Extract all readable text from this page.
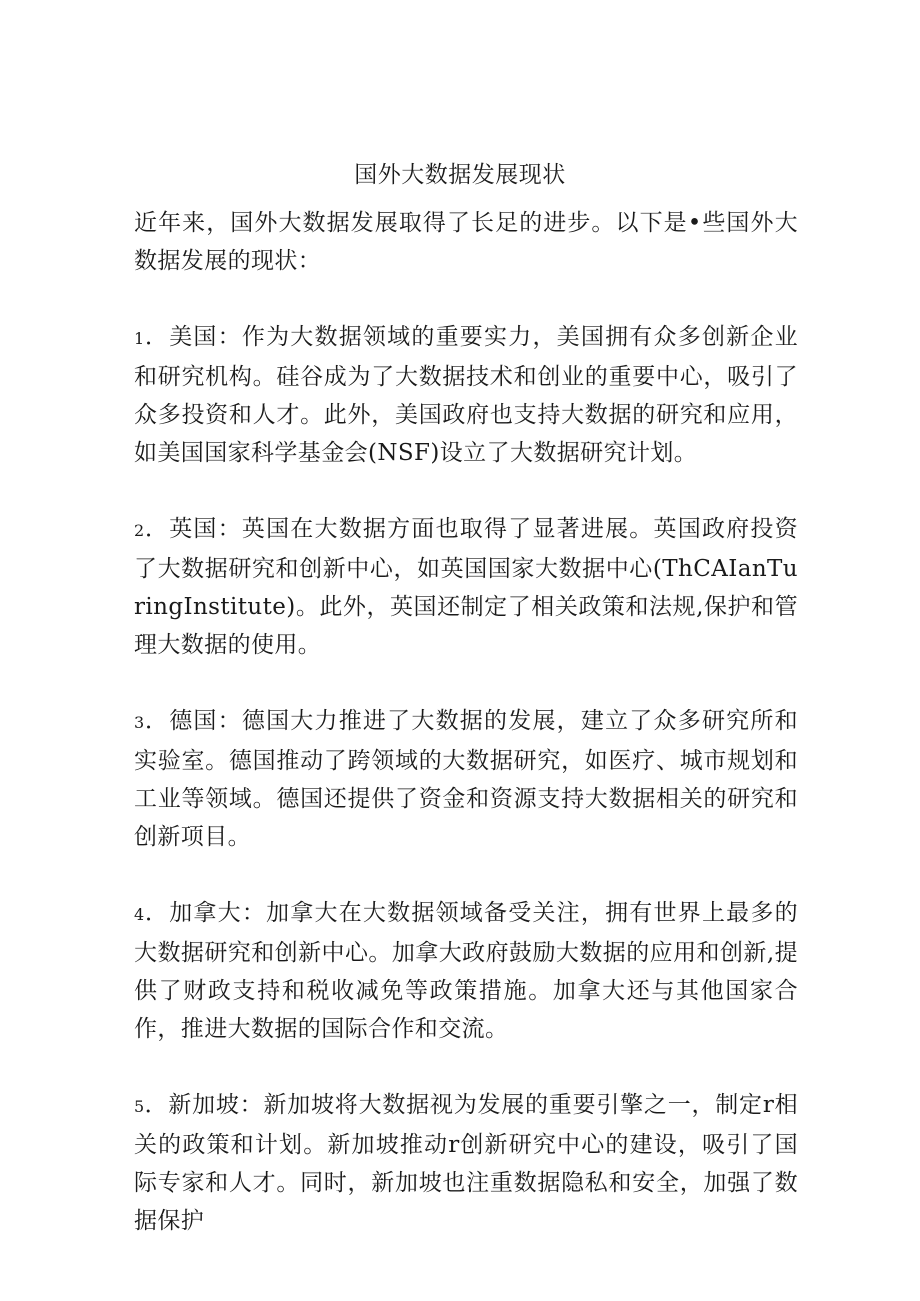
国外大数据发展现状

近年来，国外大数据发展取得了长足的进步。以下是•些国外大数据发展的现状：

1．美国：作为大数据领域的重要实力，美国拥有众多创新企业和研究机构。硅谷成为了大数据技术和创业的重要中心，吸引了众多投资和人才。此外，美国政府也支持大数据的研究和应用，如美国国家科学基金会(NSF)设立了大数据研究计划。

2．英国：英国在大数据方面也取得了显著进展。英国政府投资了大数据研究和创新中心，如英国国家大数据中心(ThCAIanTuringInstitute)。此外，英国还制定了相关政策和法规,保护和管理大数据的使用。

3．德国：德国大力推进了大数据的发展，建立了众多研究所和实验室。德国推动了跨领域的大数据研究，如医疗、城市规划和工业等领域。德国还提供了资金和资源支持大数据相关的研究和创新项目。

4．加拿大：加拿大在大数据领域备受关注，拥有世界上最多的大数据研究和创新中心。加拿大政府鼓励大数据的应用和创新,提供了财政支持和税收减免等政策措施。加拿大还与其他国家合作，推进大数据的国际合作和交流。

5．新加坡：新加坡将大数据视为发展的重要引擎之一，制定r相关的政策和计划。新加坡推动r创新研究中心的建设，吸引了国际专家和人才。同时，新加坡也注重数据隐私和安全，加强了数据保护
